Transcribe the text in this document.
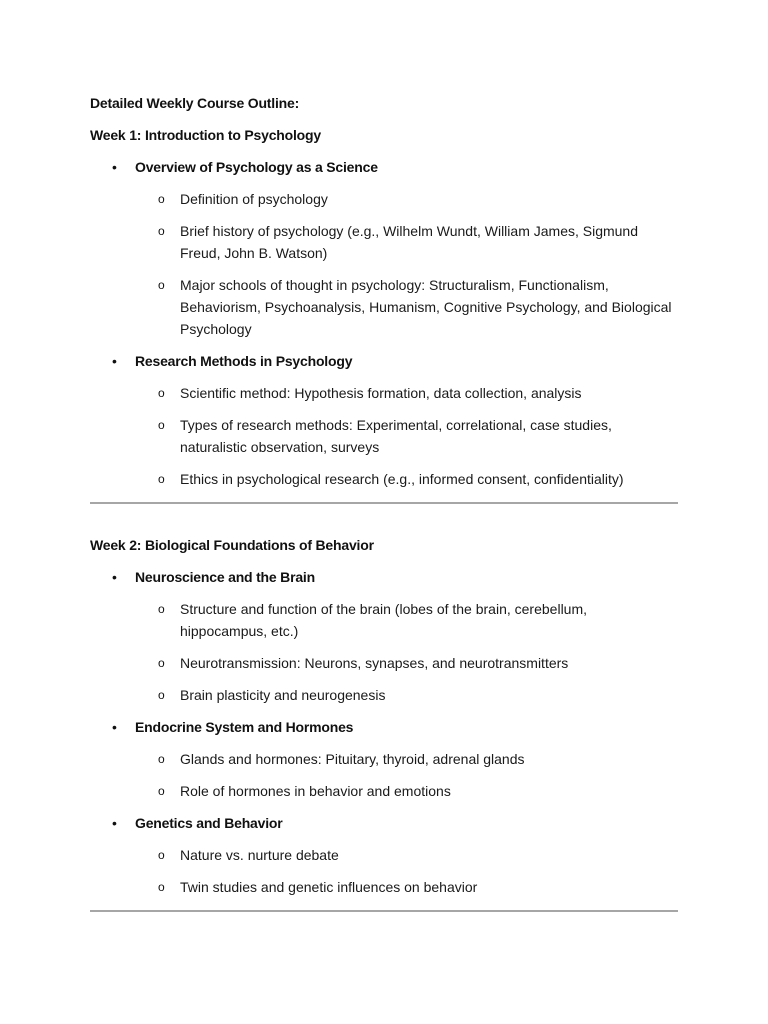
Detailed Weekly Course Outline:

Week 1: Introduction to Psychology

• Overview of Psychology as a Science

o Definition of psychology
o Brief history of psychology (e.g., Wilhelm Wundt, William James, Sigmund Freud, John B. Watson)
o Major schools of thought in psychology: Structuralism, Functionalism, Behaviorism, Psychoanalysis, Humanism, Cognitive Psychology, and Biological Psychology
• Research Methods in Psychology

o Scientific method: Hypothesis formation, data collection, analysis
o Types of research methods: Experimental, correlational, case studies, naturalistic observation, surveys
o Ethics in psychological research (e.g., informed consent, confidentiality)

Week 2: Biological Foundations of Behavior

• Neuroscience and the Brain

o Structure and function of the brain (lobes of the brain, cerebellum, hippocampus, etc.)
o Neurotransmission: Neurons, synapses, and neurotransmitters
o Brain plasticity and neurogenesis
• Endocrine System and Hormones

o Glands and hormones: Pituitary, thyroid, adrenal glands
o Role of hormones in behavior and emotions
• Genetics and Behavior

o Nature vs. nurture debate
o Twin studies and genetic influences on behavior
